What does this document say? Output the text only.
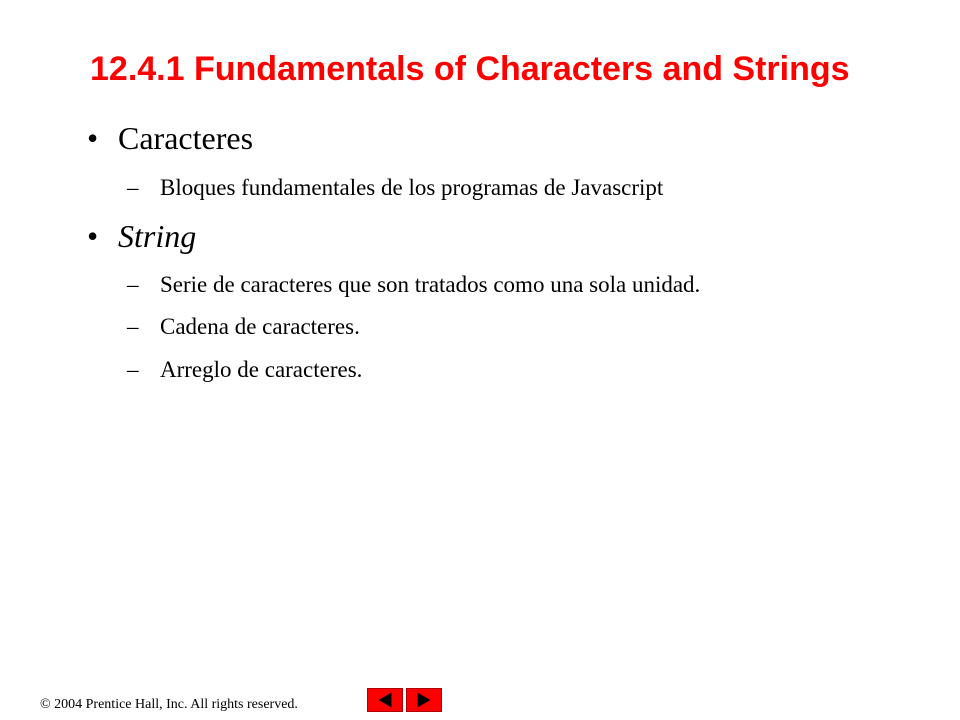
12.4.1 Fundamentals of Characters and Strings
• Caracteres
– Bloques fundamentales de los programas de Javascript
• String
– Serie de caracteres que son tratados como una sola unidad.
– Cadena de caracteres.
– Arreglo de caracteres.
© 2004 Prentice Hall, Inc. All rights reserved.
